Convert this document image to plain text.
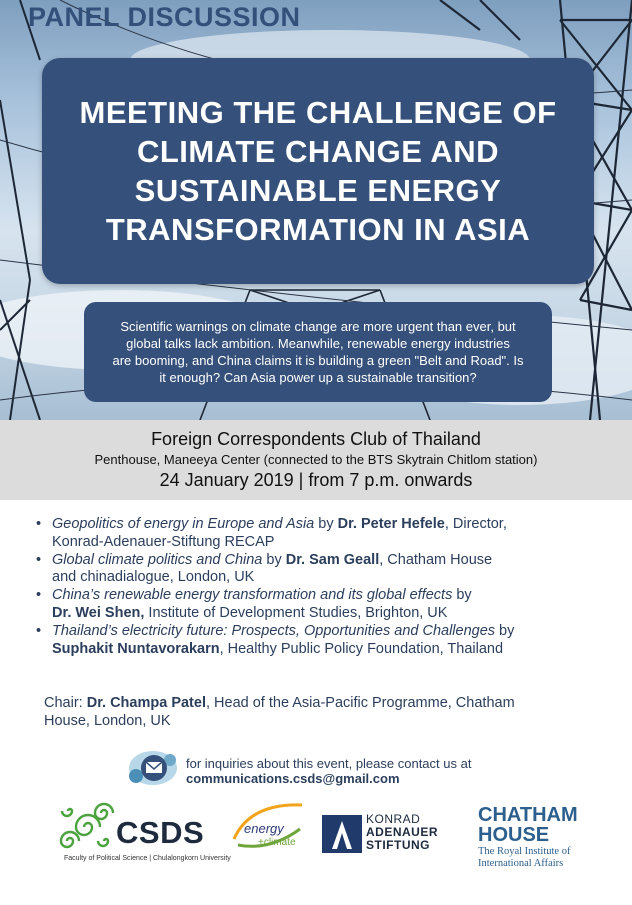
PANEL DISCUSSION
MEETING THE CHALLENGE OF
CLIMATE CHANGE AND
SUSTAINABLE ENERGY
TRANSFORMATION IN ASIA
Scientific warnings on climate change are more urgent than ever, but
global talks lack ambition. Meanwhile, renewable energy industries
are booming, and China claims it is building a green "Belt and Road". Is
it enough? Can Asia power up a sustainable transition?
Foreign Correspondents Club of Thailand
Penthouse, Maneeya Center (connected to the BTS Skytrain Chitlom station)
24 January 2019 | from 7 p.m. onwards
• Geopolitics of energy in Europe and Asia by Dr. Peter Hefele, Director,
Konrad-Adenauer-Stiftung RECAP
• Global climate politics and China by Dr. Sam Geall, Chatham House
and chinadialogue, London, UK
• China’s renewable energy transformation and its global effects by
Dr. Wei Shen, Institute of Development Studies, Brighton, UK
• Thailand’s electricity future: Prospects, Opportunities and Challenges by
Suphakit Nuntavorakarn, Healthy Public Policy Foundation, Thailand
Chair: Dr. Champa Patel, Head of the Asia-Pacific Programme, Chatham
House, London, UK
for inquiries about this event, please contact us at
communications.csds@gmail.com
CSDS
Faculty of Political Science | Chulalongkorn University
energy
+climate
KONRAD
ADENAUER
STIFTUNG
CHATHAM
HOUSE
The Royal Institute of
International Affairs
